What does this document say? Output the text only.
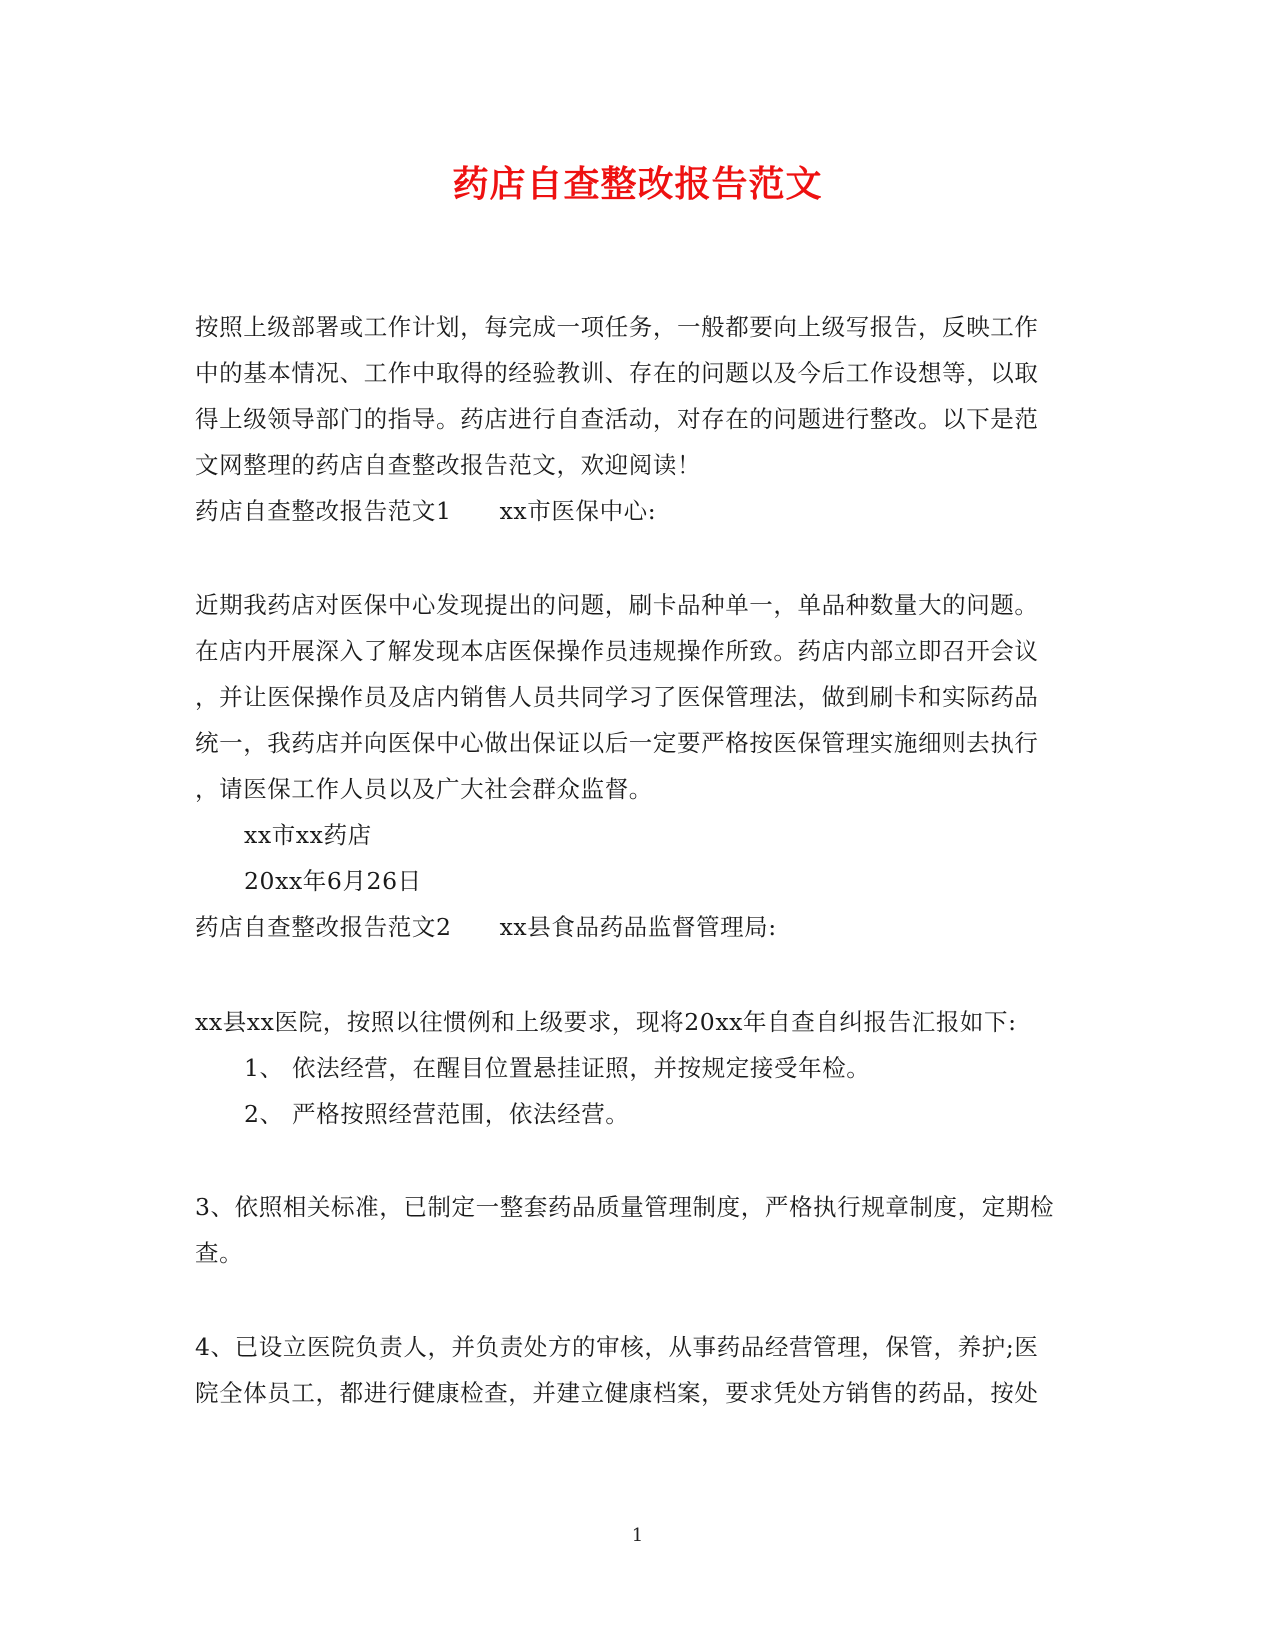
药店自查整改报告范文
按照上级部署或工作计划，每完成一项任务，一般都要向上级写报告，反映工作
中的基本情况、工作中取得的经验教训、存在的问题以及今后工作设想等，以取
得上级领导部门的指导。药店进行自查活动，对存在的问题进行整改。以下是范
文网整理的药店自查整改报告范文，欢迎阅读！
药店自查整改报告范文1 xx市医保中心:
近期我药店对医保中心发现提出的问题，刷卡品种单一，单品种数量大的问题。
在店内开展深入了解发现本店医保操作员违规操作所致。药店内部立即召开会议
，并让医保操作员及店内销售人员共同学习了医保管理法，做到刷卡和实际药品
统一，我药店并向医保中心做出保证以后一定要严格按医保管理实施细则去执行
，请医保工作人员以及广大社会群众监督。
xx市xx药店
20xx年6月26日
药店自查整改报告范文2 xx县食品药品监督管理局:
xx县xx医院，按照以往惯例和上级要求，现将20xx年自查自纠报告汇报如下:
1、 依法经营，在醒目位置悬挂证照，并按规定接受年检。
2、 严格按照经营范围，依法经营。
3、依照相关标准，已制定一整套药品质量管理制度，严格执行规章制度，定期检
查。
4、已设立医院负责人，并负责处方的审核，从事药品经营管理，保管，养护;医
院全体员工，都进行健康检查，并建立健康档案，要求凭处方销售的药品，按处
1
